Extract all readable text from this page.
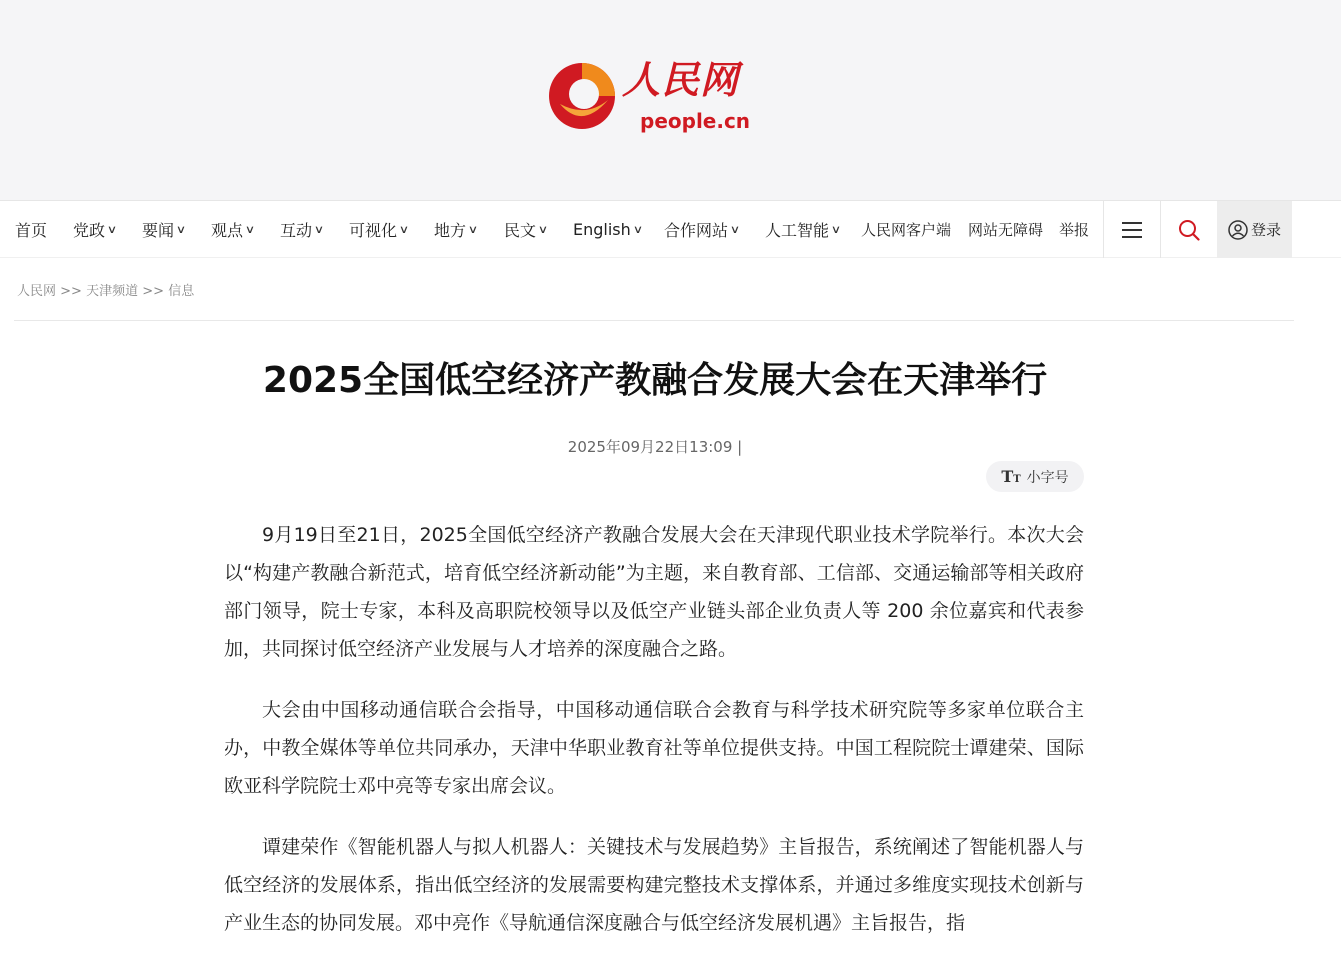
人民网
people.cn
首页 党政 ∨ 要闻 ∨ 观点 ∨ 互动 ∨ 可视化 ∨ 地方 ∨ 民文 ∨ English ∨ 合作网站 ∨ 人工智能 ∨ 人民网客户端 网站无障碍 举报	登录
人民网 >> 天津频道 >> 信息
2025全国低空经济产教融合发展大会在天津举行
2025年09月22日13:09 |
TT 小字号

9月19日至21日，2025全国低空经济产教融合发展大会在天津现代职业技术学院举行。本次大会以“构建产教融合新范式，培育低空经济新动能”为主题，来自教育部、工信部、交通运输部等相关政府部门领导，院士专家，本科及高职院校领导以及低空产业链头部企业负责人等 200 余位嘉宾和代表参加，共同探讨低空经济产业发展与人才培养的深度融合之路。

大会由中国移动通信联合会指导，中国移动通信联合会教育与科学技术研究院等多家单位联合主办，中教全媒体等单位共同承办，天津中华职业教育社等单位提供支持。中国工程院院士谭建荣、国际欧亚科学院院士邓中亮等专家出席会议。

谭建荣作《智能机器人与拟人机器人：关键技术与发展趋势》主旨报告，系统阐述了智能机器人与低空经济的发展体系，指出低空经济的发展需要构建完整技术支撑体系，并通过多维度实现技术创新与产业生态的协同发展。邓中亮作《导航通信深度融合与低空经济发展机遇》主旨报告，指
